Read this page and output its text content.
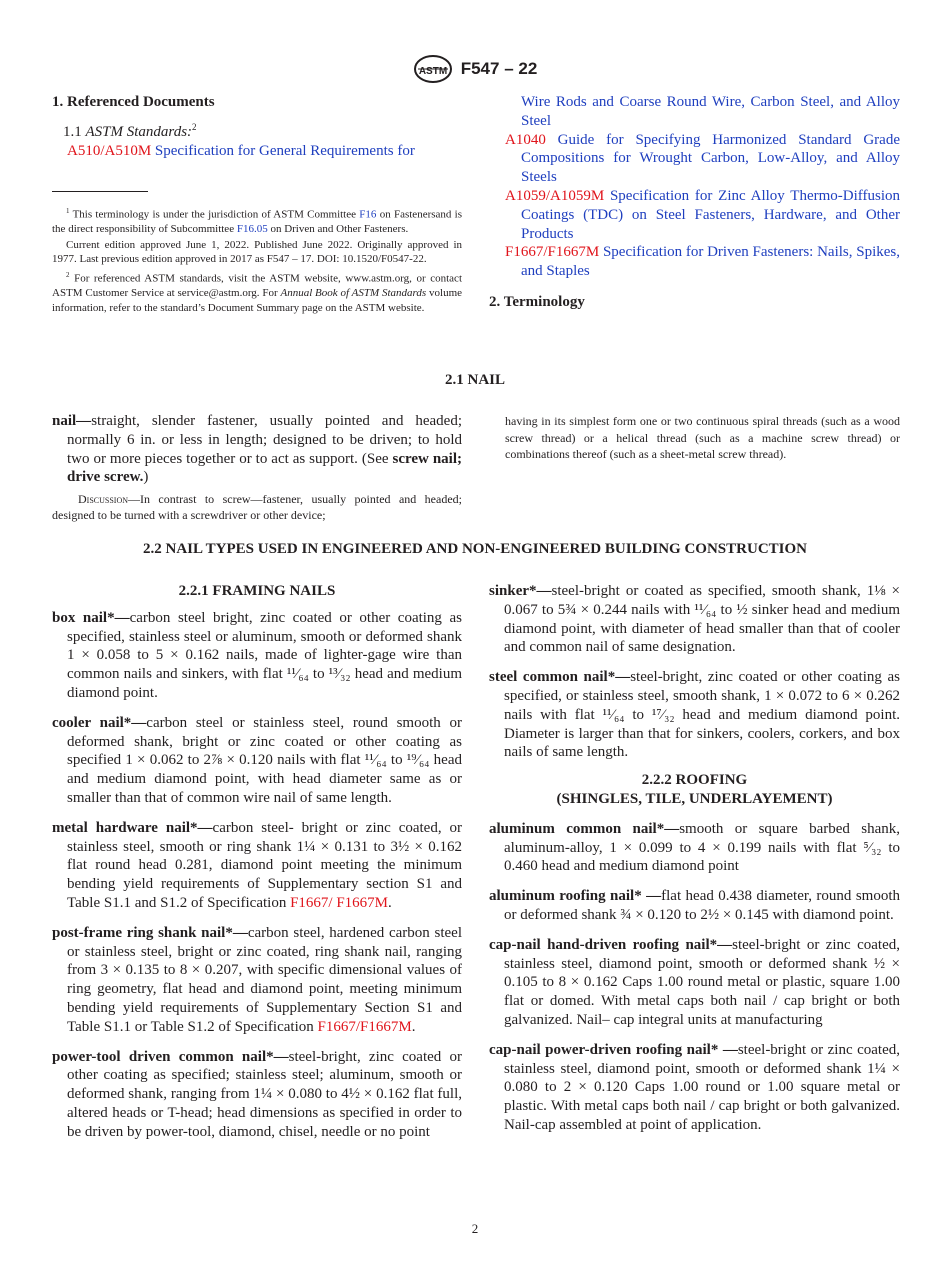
ASTM F547 – 22
1. Referenced Documents
1.1 ASTM Standards:$^2$
A510/A510M Specification for General Requirements for

$^1$ This terminology is under the jurisdiction of ASTM Committee F16 on Fastenersand is the direct responsibility of Subcommittee F16.05 on Driven and Other Fasteners.

Current edition approved June 1, 2022. Published June 2022. Originally approved in 1977. Last previous edition approved in 2017 as F547 – 17. DOI: 10.1520/F0547-22.

$^2$ For referenced ASTM standards, visit the ASTM website, www.astm.org, or contact ASTM Customer Service at service@astm.org. For Annual Book of ASTM Standards volume information, refer to the standard’s Document Summary page on the ASTM website.

Wire Rods and Coarse Round Wire, Carbon Steel, and Alloy Steel
A1040 Guide for Specifying Harmonized Standard Grade Compositions for Wrought Carbon, Low-Alloy, and Alloy Steels
A1059/A1059M Specification for Zinc Alloy Thermo-Diffusion Coatings (TDC) on Steel Fasteners, Hardware, and Other Products
F1667/F1667M Specification for Driven Fasteners: Nails, Spikes, and Staples
2. Terminology
2.1 NAIL
nail—straight, slender fastener, usually pointed and headed; normally 6 in. or less in length; designed to be driven; to hold two or more pieces together or to act as support. (See screw nail; drive screw.)
Discussion—In contrast to screw—fastener, usually pointed and headed; designed to be turned with a screwdriver or other device;
having in its simplest form one or two continuous spiral threads (such as a wood screw thread) or a helical thread (such as a machine screw thread) or combinations thereof (such as a sheet-metal screw thread).
2.2 NAIL TYPES USED IN ENGINEERED AND NON-ENGINEERED BUILDING CONSTRUCTION
2.2.1 FRAMING NAILS
box nail*—carbon steel bright, zinc coated or other coating as specified, stainless steel or aluminum, smooth or deformed shank 1 × 0.058 to 5 × 0.162 nails, made of lighter-gage wire than common nails and sinkers, with flat ¹¹⁄₆₄ to ¹³⁄₃₂ head and medium diamond point.
cooler nail*—carbon steel or stainless steel, round smooth or deformed shank, bright or zinc coated or other coating as specified 1 × 0.062 to 2⅞ × 0.120 nails with flat ¹¹⁄₆₄ to ¹⁹⁄₆₄ head and medium diamond point, with head diameter same as or smaller than that of common wire nail of same length.
metal hardware nail*—carbon steel- bright or zinc coated, or stainless steel, smooth or ring shank 1¼ × 0.131 to 3½ × 0.162 flat round head 0.281, diamond point meeting the minimum bending yield requirements of Supplementary section S1 and Table S1.1 and S1.2 of Specification F1667/ F1667M.
post-frame ring shank nail*—carbon steel, hardened carbon steel or stainless steel, bright or zinc coated, ring shank nail, ranging from 3 × 0.135 to 8 × 0.207, with specific dimensional values of ring geometry, flat head and diamond point, meeting minimum bending yield requirements of Supplementary Section S1 and Table S1.1 or Table S1.2 of Specification F1667/F1667M.
power-tool driven common nail*—steel-bright, zinc coated or other coating as specified; stainless steel; aluminum, smooth or deformed shank, ranging from 1¼ × 0.080 to 4½ × 0.162 flat full, altered heads or T-head; head dimensions as specified in order to be driven by power-tool, diamond, chisel, needle or no point
sinker*—steel-bright or coated as specified, smooth shank, 1⅛ × 0.067 to 5¾ × 0.244 nails with ¹¹⁄₆₄ to ½ sinker head and medium diamond point, with diameter of head smaller than that of cooler and common nail of same designation.
steel common nail*—steel-bright, zinc coated or other coating as specified, or stainless steel, smooth shank, 1 × 0.072 to 6 × 0.262 nails with flat ¹¹⁄₆₄ to ¹⁷⁄₃₂ head and medium diamond point. Diameter is larger than that for sinkers, coolers, corkers, and box nails of same length.
2.2.2 ROOFING
(SHINGLES, TILE, UNDERLAYEMENT)
aluminum common nail*—smooth or square barbed shank, aluminum-alloy, 1 × 0.099 to 4 × 0.199 nails with flat ⁵⁄₃₂ to 0.460 head and medium diamond point
aluminum roofing nail* —flat head 0.438 diameter, round smooth or deformed shank ¾ × 0.120 to 2½ × 0.145 with diamond point.
cap-nail hand-driven roofing nail*—steel-bright or zinc coated, stainless steel, diamond point, smooth or deformed shank ½ × 0.105 to 8 × 0.162 Caps 1.00 round metal or plastic, square 1.00 flat or domed. With metal caps both nail / cap bright or both galvanized. Nail– cap integral units at manufacturing
cap-nail power-driven roofing nail* —steel-bright or zinc coated, stainless steel, diamond point, smooth or deformed shank 1¼ × 0.080 to 2 × 0.120 Caps 1.00 round or 1.00 square metal or plastic. With metal caps both nail / cap bright or both galvanized. Nail-cap assembled at point of application.
2
